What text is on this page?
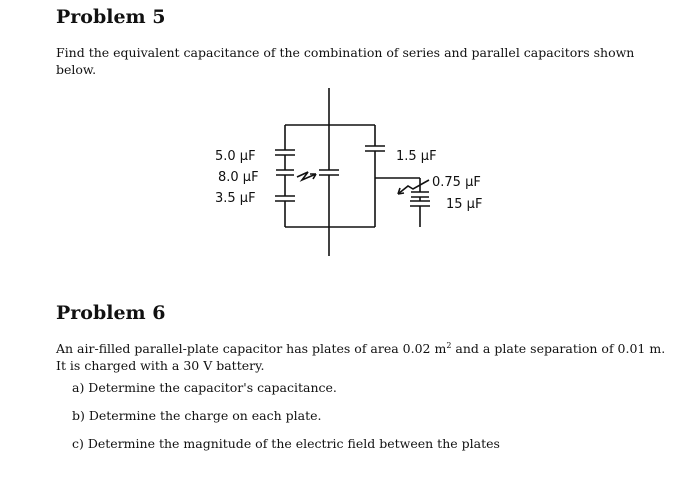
Problem 5

Find the equivalent capacitance of the combination of series and parallel capacitors shown below.

5.0 μF
8.0 μF
3.5 μF
1.5 μF
0.75 μF
15 μF
Problem 6

An air-filled parallel-plate capacitor has plates of area 0.02 $m^2$ and a plate separation of 0.01 m. It is charged with a 30 V battery.

a) Determine the capacitor's capacitance.

b) Determine the charge on each plate.

c) Determine the magnitude of the electric field between the plates
